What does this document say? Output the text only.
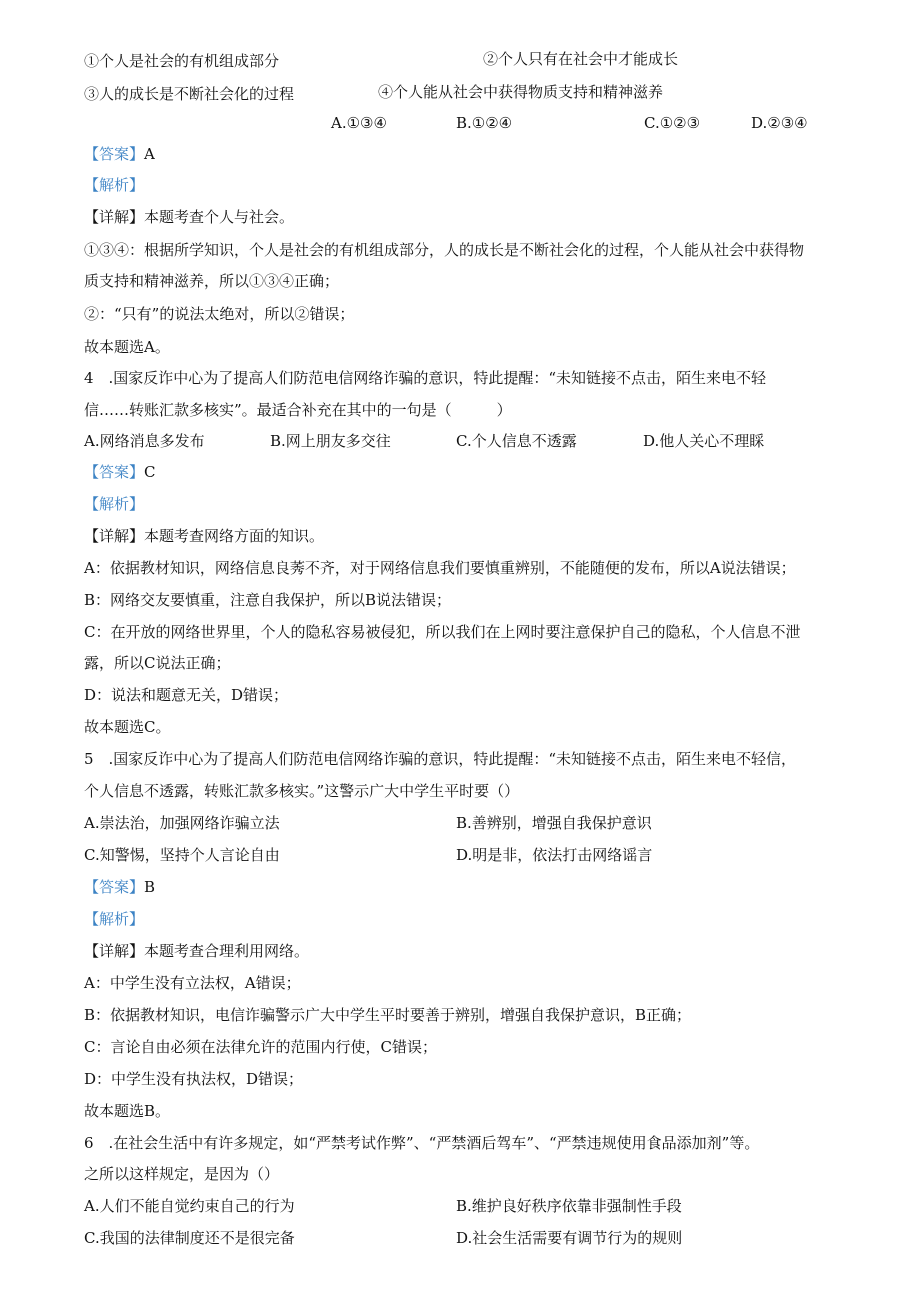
①个人是社会的有机组成部分	②个人只有在社会中才能成长
③人的成长是不断社会化的过程	④个人能从社会中获得物质支持和精神滋养
A.①③④	B.①②④	C.①②③	D.②③④
【答案】A
【解析】
【详解】本题考查个人与社会。
①③④：根据所学知识，个人是社会的有机组成部分，人的成长是不断社会化的过程，个人能从社会中获得物
质支持和精神滋养，所以①③④正确；
②：“只有”的说法太绝对，所以②错误；
故本题选A。
4　.国家反诈中心为了提高人们防范电信网络诈骗的意识，特此提醒：“未知链接不点击，陌生来电不轻
信……转账汇款多核实”。最适合补充在其中的一句是（　　　）
A.网络消息多发布	B.网上朋友多交往	C.个人信息不透露	D.他人关心不理睬
【答案】C
【解析】
【详解】本题考查网络方面的知识。
A：依据教材知识，网络信息良莠不齐，对于网络信息我们要慎重辨别，不能随便的发布，所以A说法错误；
B：网络交友要慎重，注意自我保护，所以B说法错误；
C：在开放的网络世界里，个人的隐私容易被侵犯，所以我们在上网时要注意保护自己的隐私，个人信息不泄
露，所以C说法正确；
D：说法和题意无关，D错误；
故本题选C。
5　.国家反诈中心为了提高人们防范电信网络诈骗的意识，特此提醒：“未知链接不点击，陌生来电不轻信，
个人信息不透露，转账汇款多核实。”这警示广大中学生平时要（）
A.崇法治，加强网络诈骗立法	B.善辨别，增强自我保护意识
C.知警惕，坚持个人言论自由	D.明是非，依法打击网络谣言
【答案】B
【解析】
【详解】本题考查合理利用网络。
A：中学生没有立法权，A错误；
B：依据教材知识，电信诈骗警示广大中学生平时要善于辨别，增强自我保护意识，B正确；
C：言论自由必须在法律允许的范围内行使，C错误；
D：中学生没有执法权，D错误；
故本题选B。
6　.在社会生活中有许多规定，如“严禁考试作弊”、“严禁酒后驾车”、“严禁违规使用食品添加剂”等。
之所以这样规定，是因为（）
A.人们不能自觉约束自己的行为	B.维护良好秩序依靠非强制性手段
C.我国的法律制度还不是很完备	D.社会生活需要有调节行为的规则
